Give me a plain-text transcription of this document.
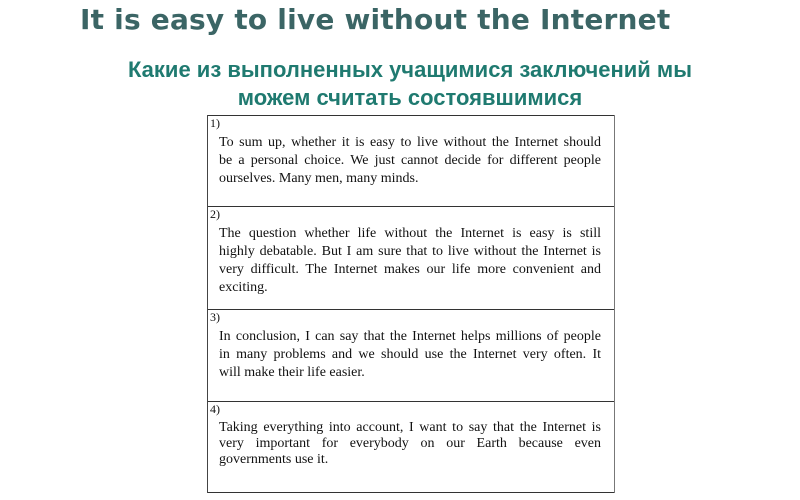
It is easy to live without the Internet
Какие из выполненных учащимися заключений мы
можем считать состоявшимися
1)
To sum up, whether it is easy to live without the Internet should
be a personal choice. We just cannot decide for different people
ourselves. Many men, many minds.
2)
The question whether life without the Internet is easy is still
highly debatable. But I am sure that to live without the Internet is
very difficult. The Internet makes our life more convenient and
exciting.
3)
In conclusion, I can say that the Internet helps millions of people
in many problems and we should use the Internet very often. It
will make their life easier.
4)
Taking everything into account, I want to say that the Internet is
very important for everybody on our Earth because even
governments use it.
